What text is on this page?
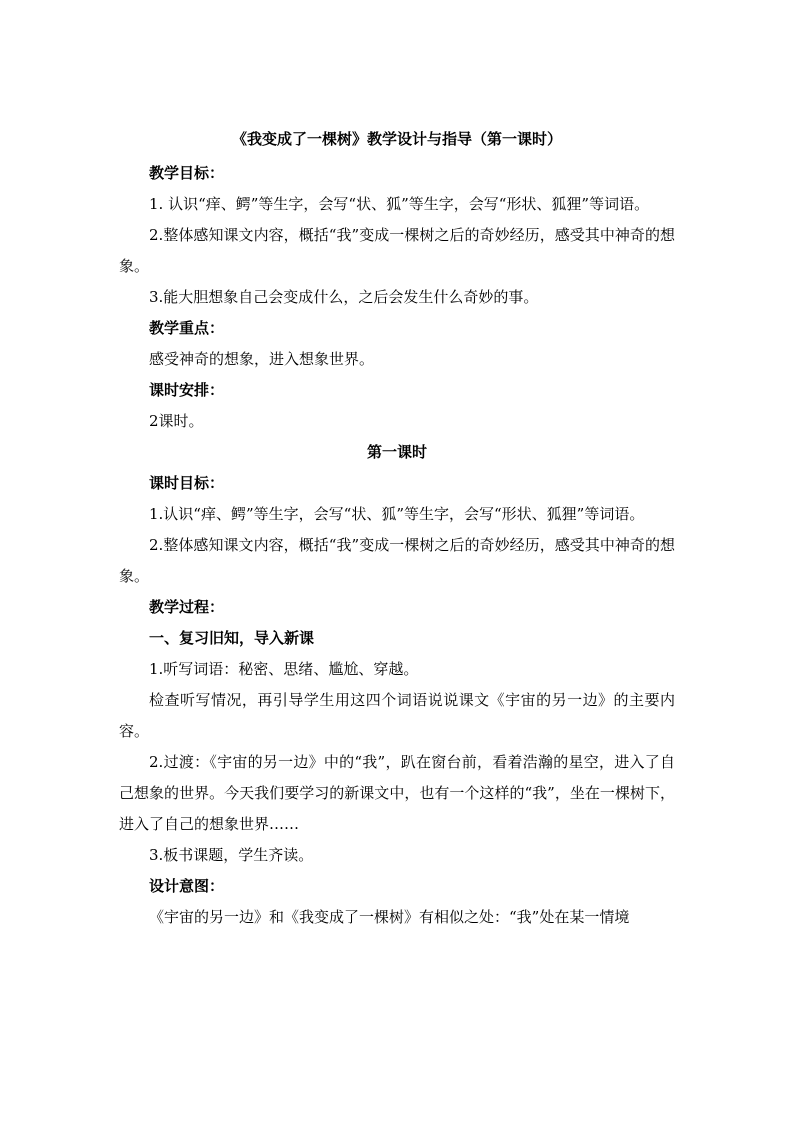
《我变成了一棵树》教学设计与指导（第一课时）

教学目标：

1. 认识“痒、鳄”等生字，会写“状、狐”等生字，会写“形状、狐狸”等词语。

2.整体感知课文内容，概括“我”变成一棵树之后的奇妙经历，感受其中神奇的想象。

3.能大胆想象自己会变成什么，之后会发生什么奇妙的事。

教学重点：

感受神奇的想象，进入想象世界。

课时安排：

2课时。

第一课时

课时目标：

1.认识“痒、鳄”等生字，会写“状、狐”等生字，会写“形状、狐狸”等词语。

2.整体感知课文内容，概括“我”变成一棵树之后的奇妙经历，感受其中神奇的想象。

教学过程：

一、复习旧知，导入新课

1.听写词语：秘密、思绪、尴尬、穿越。

检查听写情况，再引导学生用这四个词语说说课文《宇宙的另一边》的主要内容。

2.过渡：《宇宙的另一边》中的“我”，趴在窗台前，看着浩瀚的星空，进入了自己想象的世界。今天我们要学习的新课文中，也有一个这样的“我”，坐在一棵树下，进入了自己的想象世界……

3.板书课题，学生齐读。

设计意图：

《宇宙的另一边》和《我变成了一棵树》有相似之处：“我”处在某一情境
